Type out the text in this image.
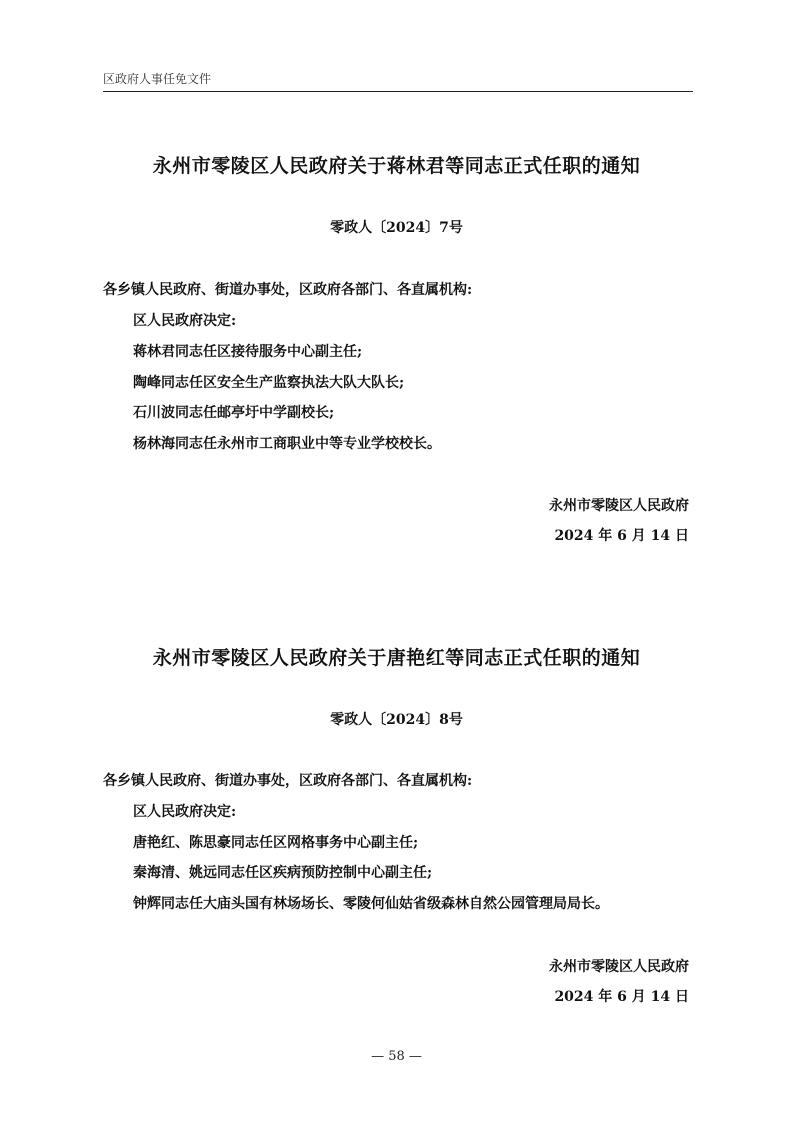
区政府人事任免文件
永州市零陵区人民政府关于蒋林君等同志正式任职的通知
零政人〔2024〕7号
各乡镇人民政府、街道办事处，区政府各部门、各直属机构:
区人民政府决定:
蒋林君同志任区接待服务中心副主任;
陶峰同志任区安全生产监察执法大队大队长;
石川波同志任邮亭圩中学副校长;
杨林海同志任永州市工商职业中等专业学校校长。
永州市零陵区人民政府
2024 年 6 月 14 日
永州市零陵区人民政府关于唐艳红等同志正式任职的通知
零政人〔2024〕8号
各乡镇人民政府、街道办事处，区政府各部门、各直属机构:
区人民政府决定:
唐艳红、陈思豪同志任区网格事务中心副主任;
秦海清、姚远同志任区疾病预防控制中心副主任;
钟辉同志任大庙头国有林场场长、零陵何仙姑省级森林自然公园管理局局长。
永州市零陵区人民政府
2024 年 6 月 14 日
— 58 —
